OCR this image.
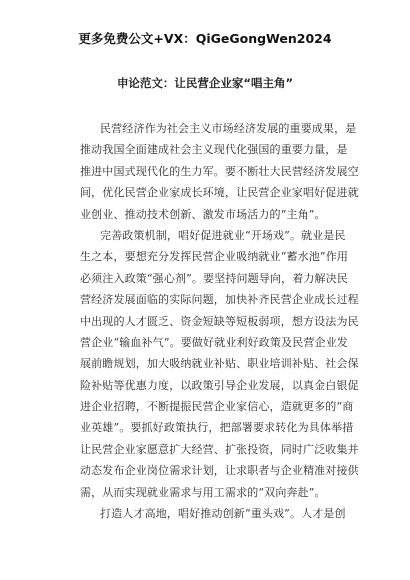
更多免费公文+VX：QiGeGongWen2024
申论范文：让民营企业家“唱主角”
民营经济作为社会主义市场经济发展的重要成果，是
推动我国全面建成社会主义现代化强国的重要力量，是
推进中国式现代化的生力军。要不断壮大民营经济发展空
间，优化民营企业家成长环境，让民营企业家唱好促进就
业创业、推动技术创新、激发市场活力的“主角”。
完善政策机制，唱好促进就业“开场戏”。就业是民
生之本，要想充分发挥民营企业吸纳就业“蓄水池”作用
必须注入政策“强心剂”。要坚持问题导向，着力解决民
营经济发展面临的实际问题，加快补齐民营企业成长过程
中出现的人才匮乏、资金短缺等短板弱项，想方设法为民
营企业“输血补气”。要做好就业利好政策及民营企业发
展前瞻规划，加大吸纳就业补贴、职业培训补贴、社会保
险补贴等优惠力度，以政策引导企业发展，以真金白银促
进企业招聘，不断提振民营企业家信心，造就更多的“商
业英雄”。要抓好政策执行，把部署要求转化为具体举措
让民营企业家愿意扩大经营、扩张投资，同时广泛收集并
动态发布企业岗位需求计划，让求职者与企业精准对接供
需，从而实现就业需求与用工需求的“双向奔赴”。
打造人才高地，唱好推动创新“重头戏”。人才是创
